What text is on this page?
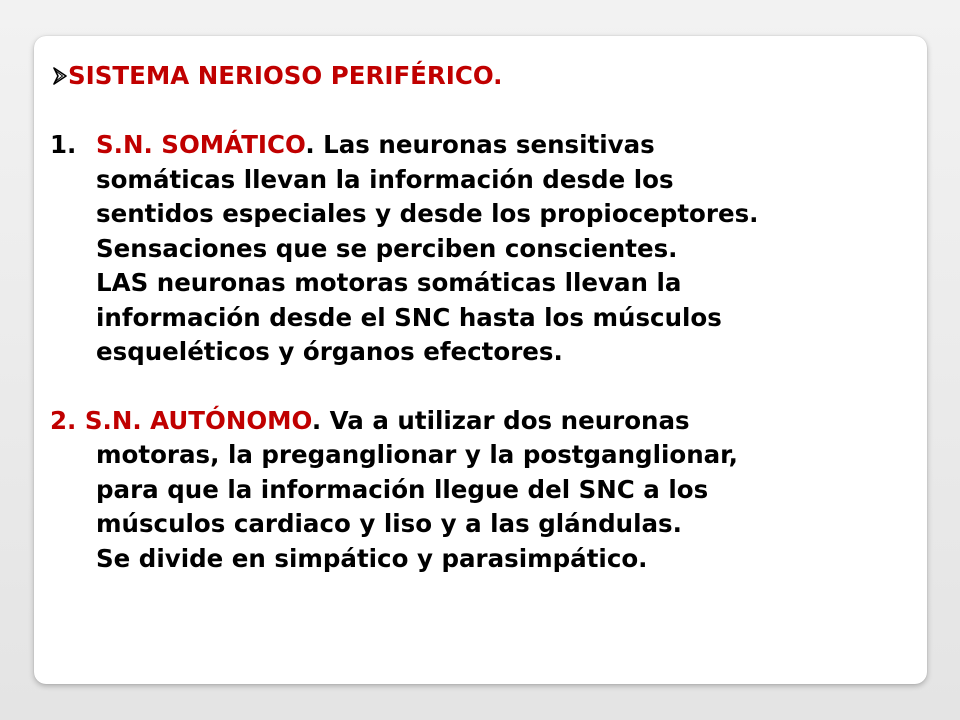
SISTEMA NERIOSO PERIFÉRICO.
1. S.N. SOMÁTICO. Las neuronas sensitivas
somáticas llevan la información desde los
sentidos especiales y desde los propioceptores.
Sensaciones que se perciben conscientes.
LAS neuronas motoras somáticas llevan la
información desde el SNC hasta los músculos
esqueléticos y órganos efectores.
2. S.N. AUTÓNOMO. Va a utilizar dos neuronas
motoras, la preganglionar y la postganglionar,
para que la información llegue del SNC a los
músculos cardiaco y liso y a las glándulas.
Se divide en simpático y parasimpático.
